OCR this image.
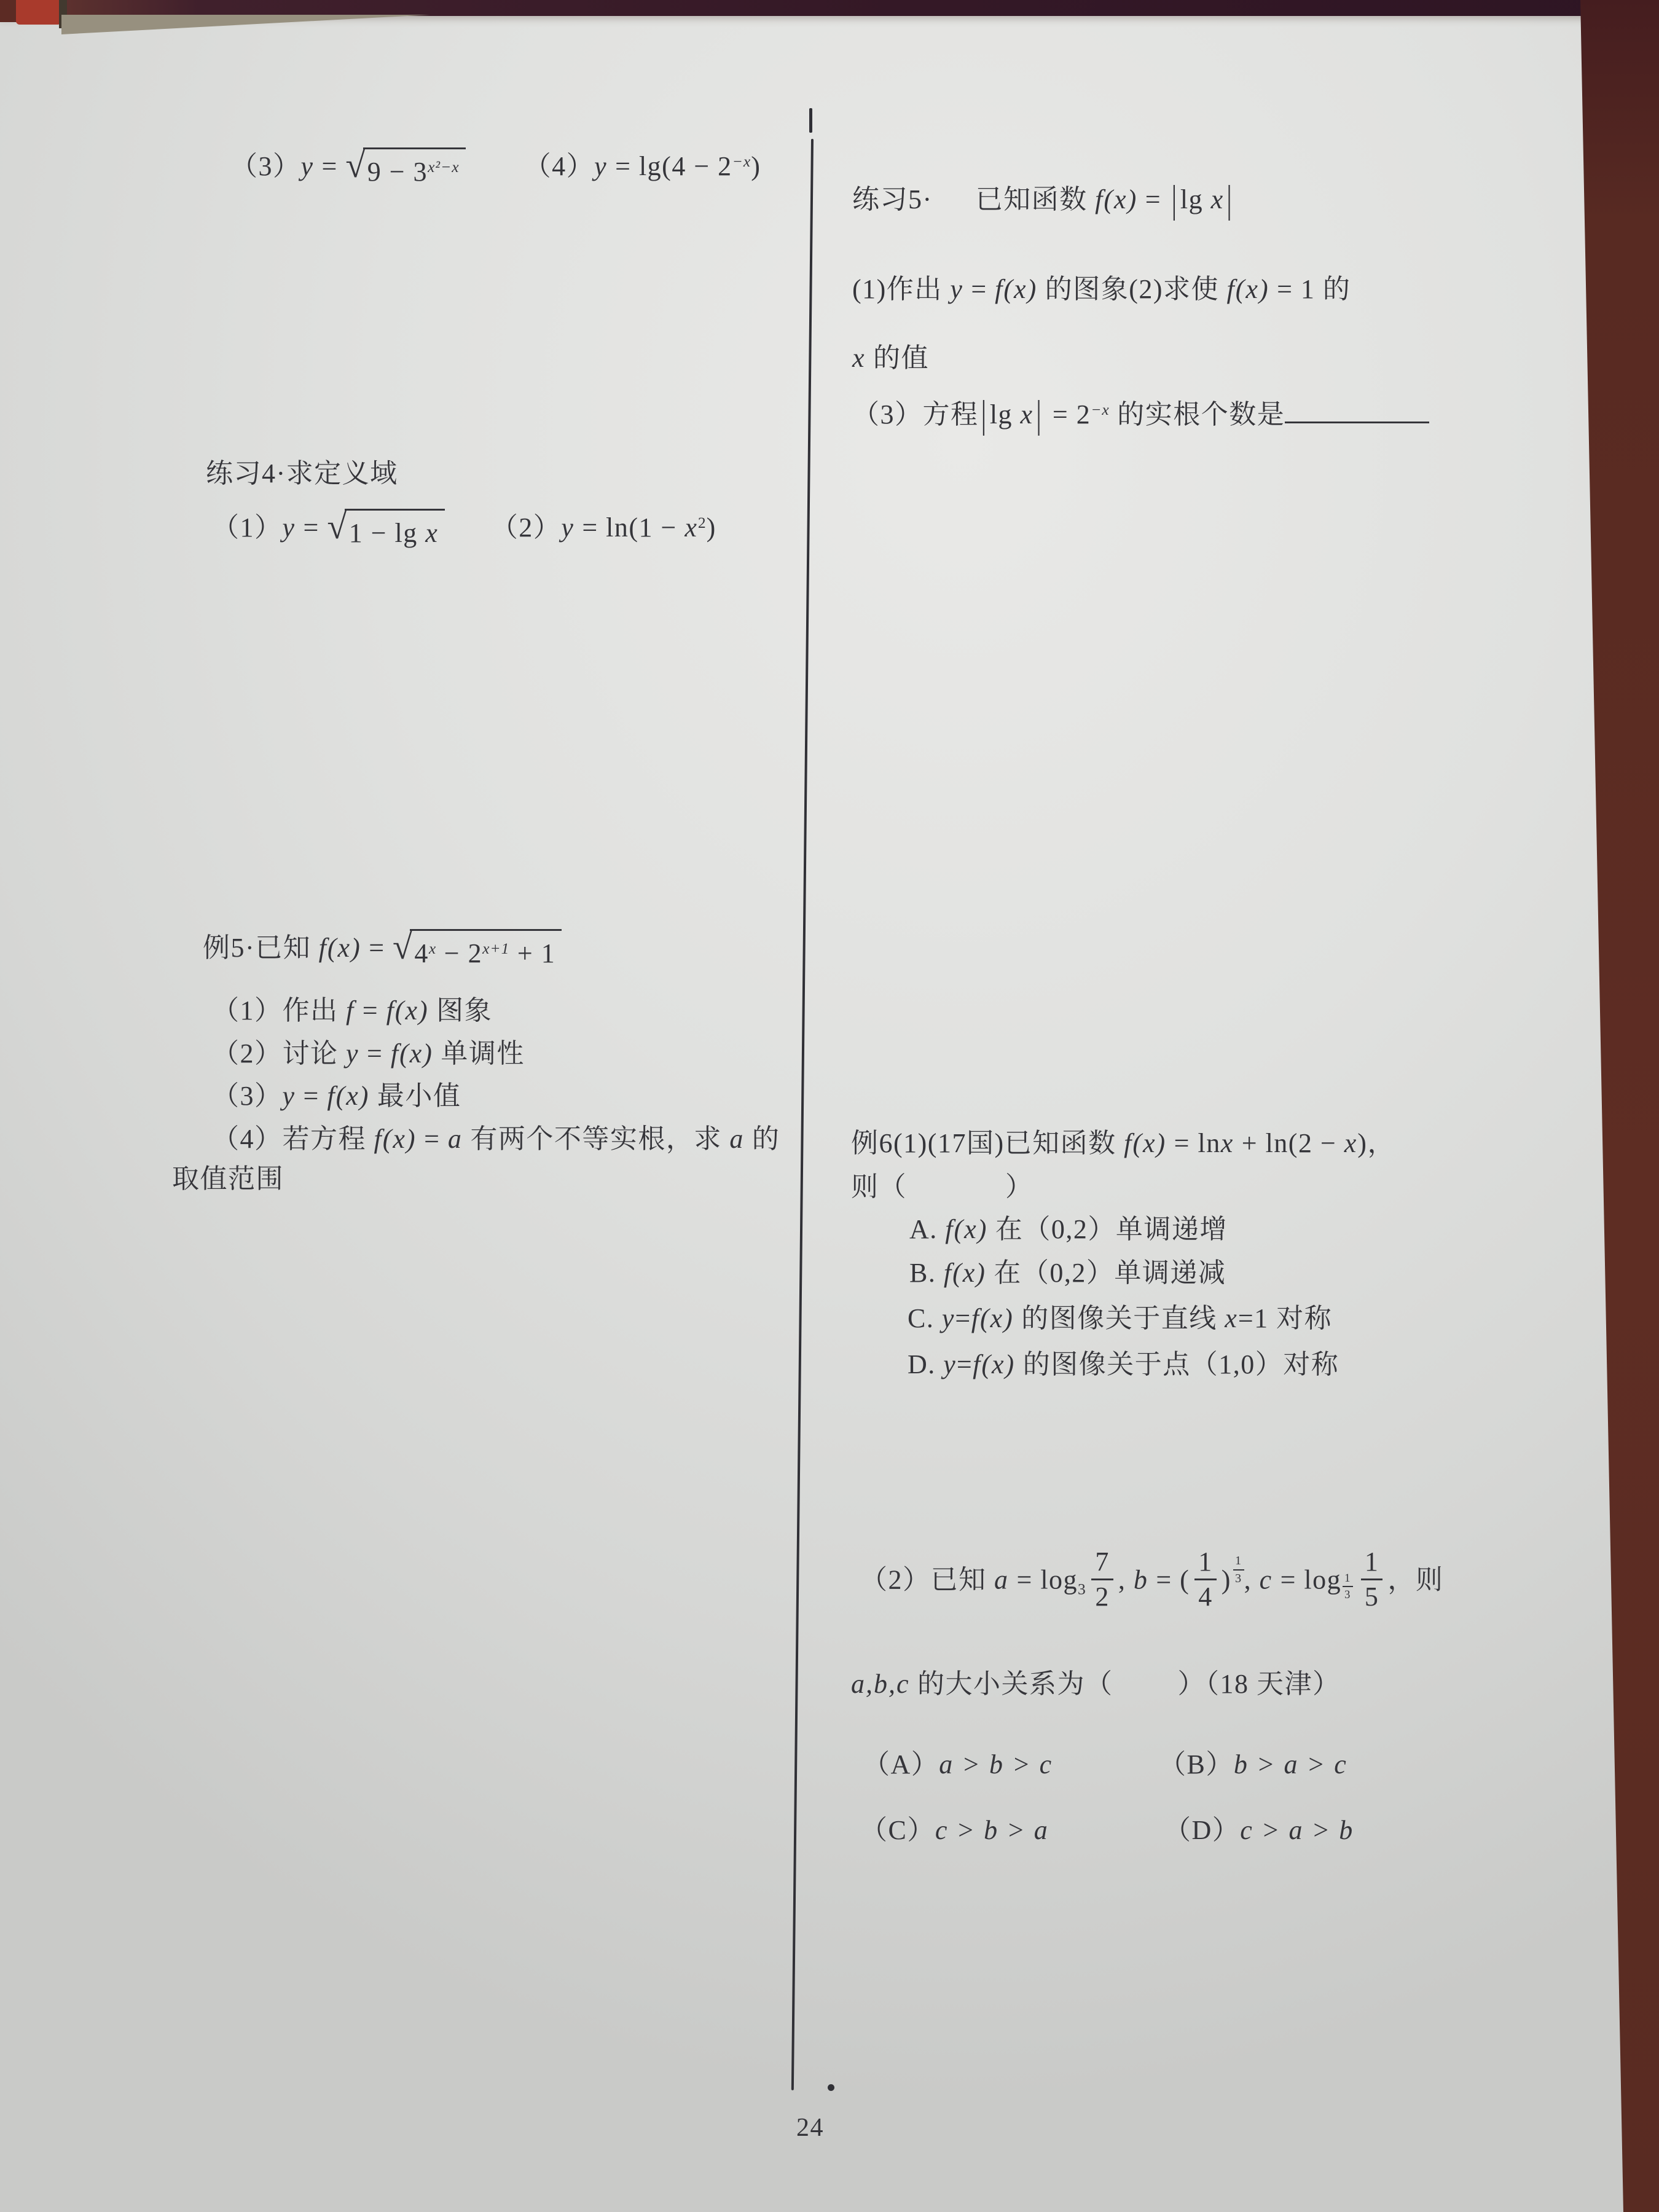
（3）y = √ $9 - 3^{x^2-x}$ $(4)y = \lg(4 - 2^{-x})$
练习4·求定义域
（1）y = √ 1 − lg x $(2)y = \ln(1 - x^2)$
例5·已知 f(x) = √ $4^x - 2^{x+1} + 1$
（1）作出 f = f(x) 图象
（2）讨论 y = f(x) 单调性
（3）y = f(x) 最小值
（4）若方程 f(x) = a 有两个不等实根，求 a 的
取值范围
练习5· 已知函数 f(x) = |lg x|
(1)作出 y = f(x) 的图象(2)求使 f(x) = 1 的
x 的值
（3）方程|lg $x| = 2^{-x}$ 的实根个数是
例6(1)(17国)已知函数 f(x) = lnx + ln(2 − x)，
则（	）
A. f(x) 在（0,2）单调递增
B. f(x) 在（0,2）单调递减
C. y=f(x) 的图像关于直线 x=1 对称
D. y=f(x) 的图像关于点（1,0）对称
（2）已知 $a = \log_3 \frac{7}{2}$ , b = ( $\frac{1}{4}$ ) $\frac{1}{3}$ , $c = \log \frac{1}{3} \frac{1}{5}$ ，则
a,b,c 的大小关系为（ ）（18 天津）
（A）a > b > c	（B）b > a > c
（C）c > b > a	（D）c > a > b
24
